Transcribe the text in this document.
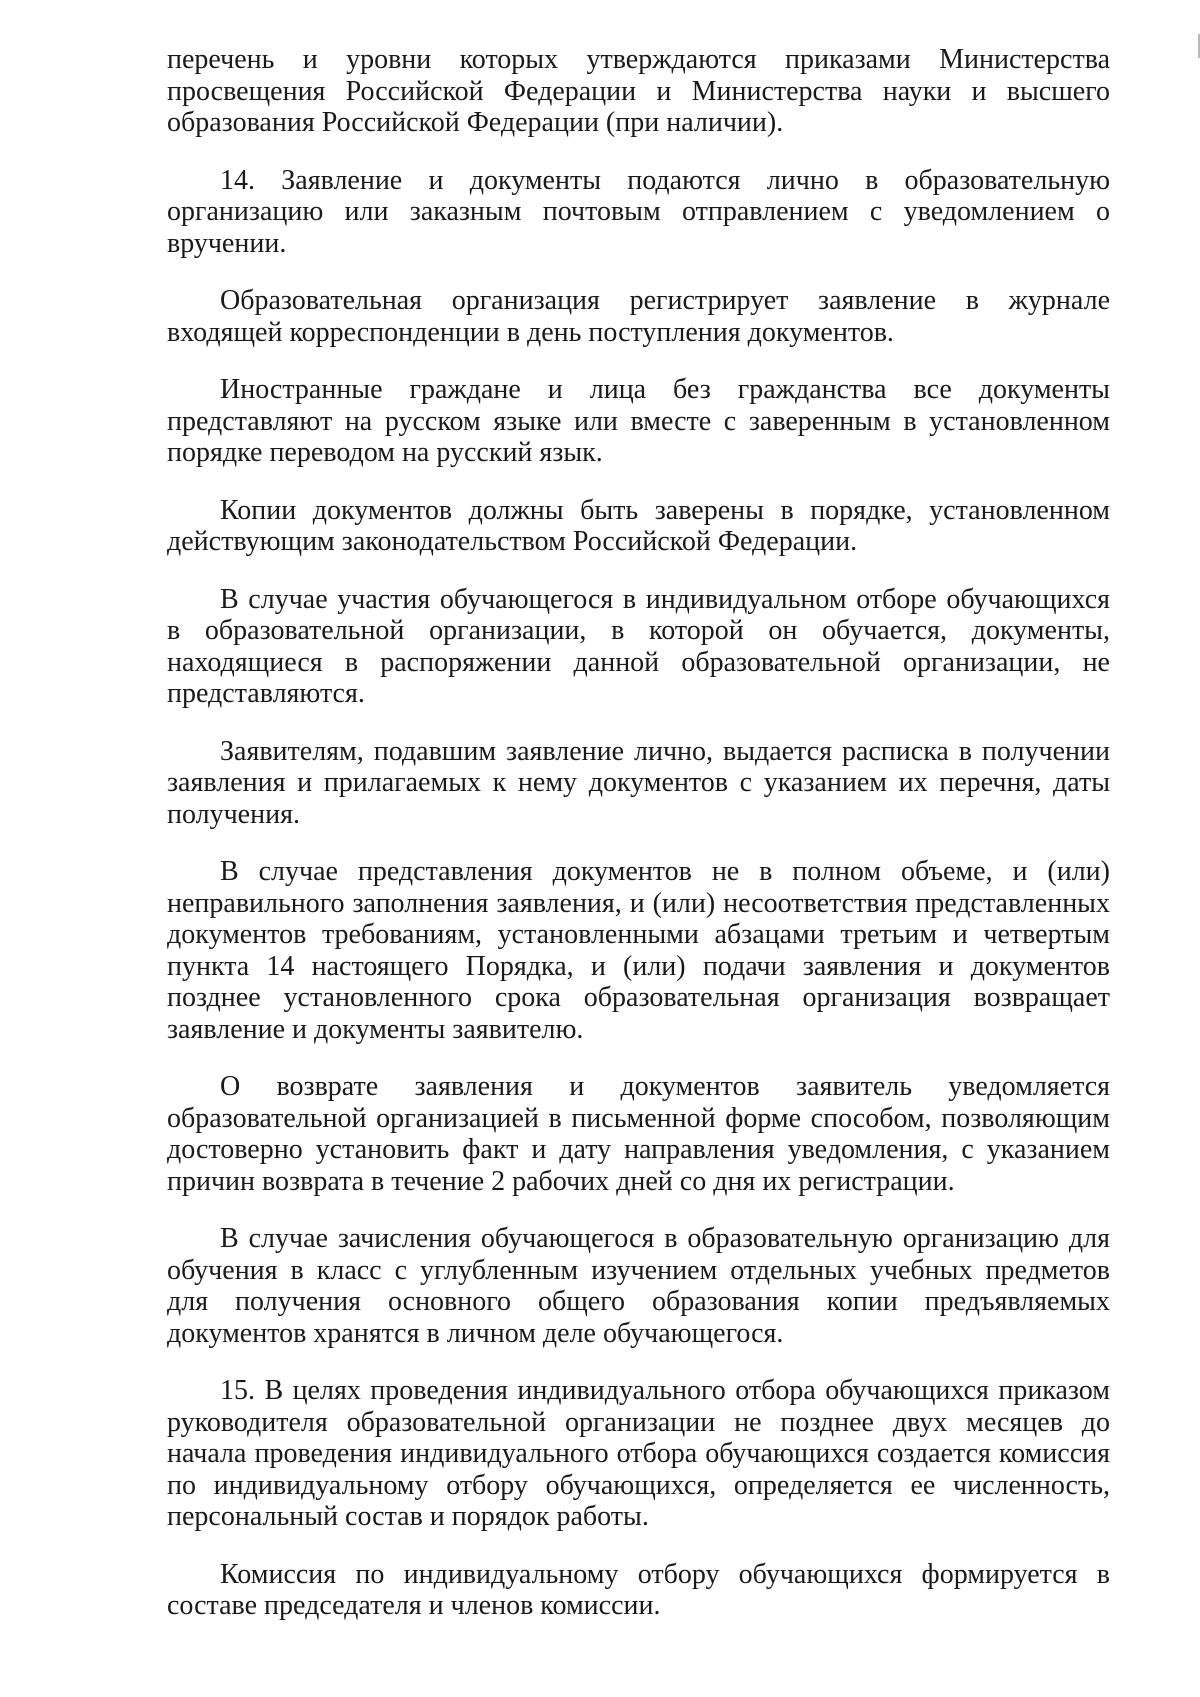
перечень и уровни которых утверждаются приказами Министерства просвещения Российской Федерации и Министерства науки и высшего образования Российской Федерации (при наличии).

14. Заявление и документы подаются лично в образовательную организацию или заказным почтовым отправлением с уведомлением о вручении.

Образовательная организация регистрирует заявление в журнале входящей корреспонденции в день поступления документов.

Иностранные граждане и лица без гражданства все документы представляют на русском языке или вместе с заверенным в установленном порядке переводом на русский язык.

Копии документов должны быть заверены в порядке, установленном действующим законодательством Российской Федерации.

В случае участия обучающегося в индивидуальном отборе обучающихся в образовательной организации, в которой он обучается, документы, находящиеся в распоряжении данной образовательной организации, не представляются.

Заявителям, подавшим заявление лично, выдается расписка в получении заявления и прилагаемых к нему документов с указанием их перечня, даты получения.

В случае представления документов не в полном объеме, и (или) неправильного заполнения заявления, и (или) несоответствия представленных документов требованиям, установленными абзацами третьим и четвертым пункта 14 настоящего Порядка, и (или) подачи заявления и документов позднее установленного срока образовательная организация возвращает заявление и документы заявителю.

О возврате заявления и документов заявитель уведомляется образовательной организацией в письменной форме способом, позволяющим достоверно установить факт и дату направления уведомления, с указанием причин возврата в течение 2 рабочих дней со дня их регистрации.

В случае зачисления обучающегося в образовательную организацию для обучения в класс с углубленным изучением отдельных учебных предметов для получения основного общего образования копии предъявляемых документов хранятся в личном деле обучающегося.

15. В целях проведения индивидуального отбора обучающихся приказом руководителя образовательной организации не позднее двух месяцев до начала проведения индивидуального отбора обучающихся создается комиссия по индивидуальному отбору обучающихся, определяется ее численность, персональный состав и порядок работы.

Комиссия по индивидуальному отбору обучающихся формируется в составе председателя и членов комиссии.
